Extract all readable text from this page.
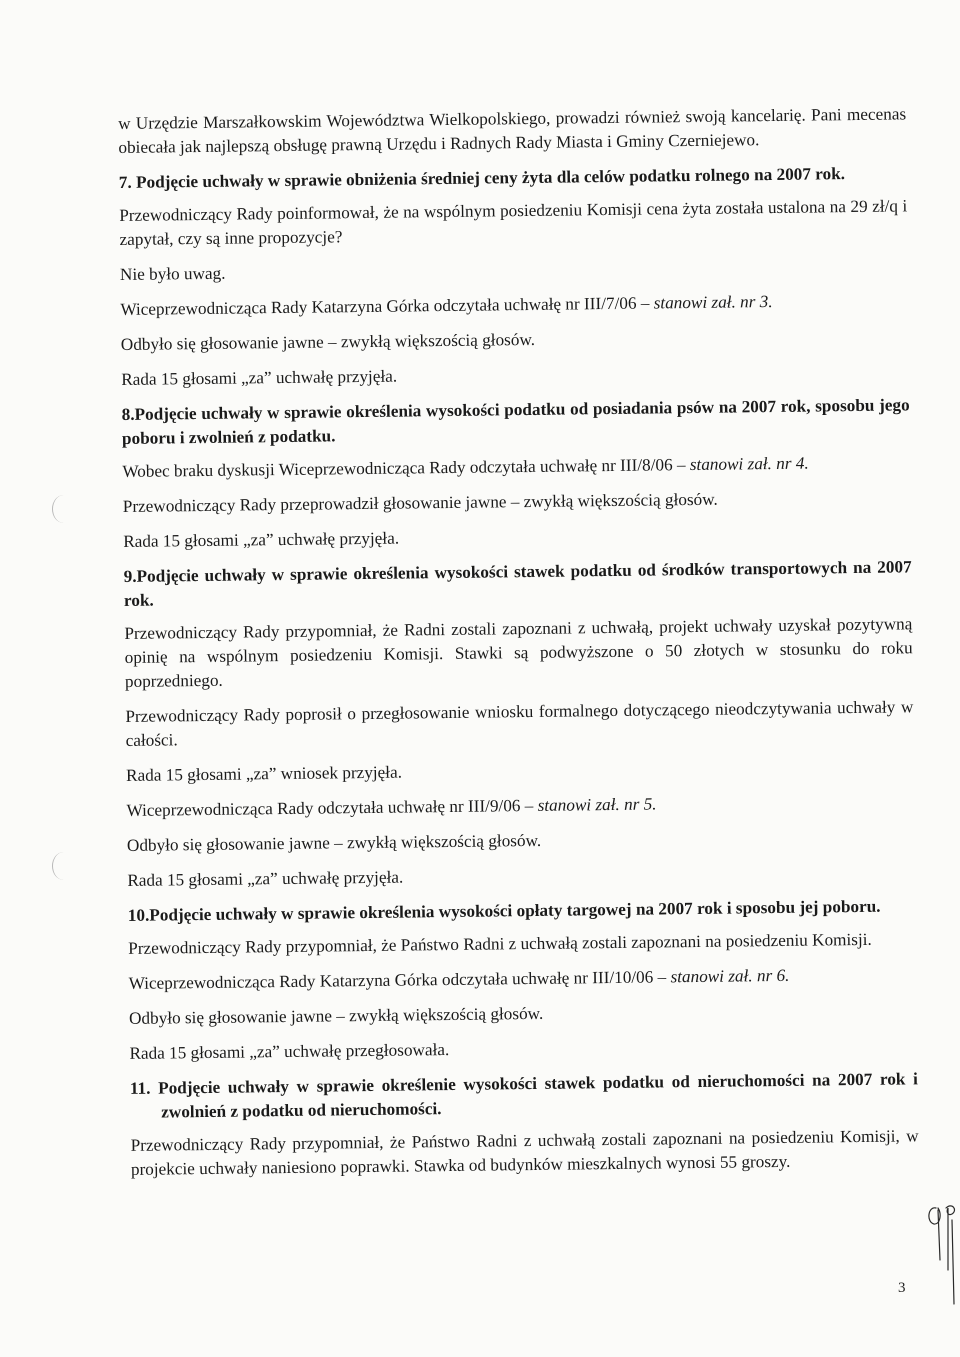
w Urzędzie Marszałkowskim Województwa Wielkopolskiego, prowadzi również swoją kancelarię. Pani mecenas obiecała jak najlepszą obsługę prawną Urzędu i Radnych Rady Miasta i Gminy Czerniejewo.
7. Podjęcie uchwały w sprawie obniżenia średniej ceny żyta dla celów podatku rolnego na 2007 rok.
Przewodniczący Rady poinformował, że na wspólnym posiedzeniu Komisji cena żyta została ustalona na 29 zł/q i zapytał, czy są inne propozycje?
Nie było uwag.
Wiceprzewodnicząca Rady Katarzyna Górka odczytała uchwałę nr III/7/06 – stanowi zał. nr 3.
Odbyło się głosowanie jawne – zwykłą większością głosów.
Rada 15 głosami „za” uchwałę przyjęła.
8.Podjęcie uchwały w sprawie określenia wysokości podatku od posiadania psów na 2007 rok, sposobu jego poboru i zwolnień z podatku.
Wobec braku dyskusji Wiceprzewodnicząca Rady odczytała uchwałę nr III/8/06 – stanowi zał. nr 4.
Przewodniczący Rady przeprowadził głosowanie jawne – zwykłą większością głosów.
Rada 15 głosami „za” uchwałę przyjęła.
9.Podjęcie uchwały w sprawie określenia wysokości stawek podatku od środków transportowych na 2007 rok.
Przewodniczący Rady przypomniał, że Radni zostali zapoznani z uchwałą, projekt uchwały uzyskał pozytywną opinię na wspólnym posiedzeniu Komisji. Stawki są podwyższone o 50 złotych w stosunku do roku poprzedniego.
Przewodniczący Rady poprosił o przegłosowanie wniosku formalnego dotyczącego nieodczytywania uchwały w całości.
Rada 15 głosami „za” wniosek przyjęła.
Wiceprzewodnicząca Rady odczytała uchwałę nr III/9/06 – stanowi zał. nr 5.
Odbyło się głosowanie jawne – zwykłą większością głosów.
Rada 15 głosami „za” uchwałę przyjęła.
10.Podjęcie uchwały w sprawie określenia wysokości opłaty targowej na 2007 rok i sposobu jej poboru.
Przewodniczący Rady przypomniał, że Państwo Radni z uchwałą zostali zapoznani na posiedzeniu Komisji.
Wiceprzewodnicząca Rady Katarzyna Górka odczytała uchwałę nr III/10/06 – stanowi zał. nr 6.
Odbyło się głosowanie jawne – zwykłą większością głosów.
Rada 15 głosami „za” uchwałę przegłosowała.
11. Podjęcie uchwały w sprawie określenie wysokości stawek podatku od nieruchomości na 2007 rok i zwolnień z podatku od nieruchomości.
Przewodniczący Rady przypomniał, że Państwo Radni z uchwałą zostali zapoznani na posiedzeniu Komisji, w projekcie uchwały naniesiono poprawki. Stawka od budynków mieszkalnych wynosi 55 groszy.
3
